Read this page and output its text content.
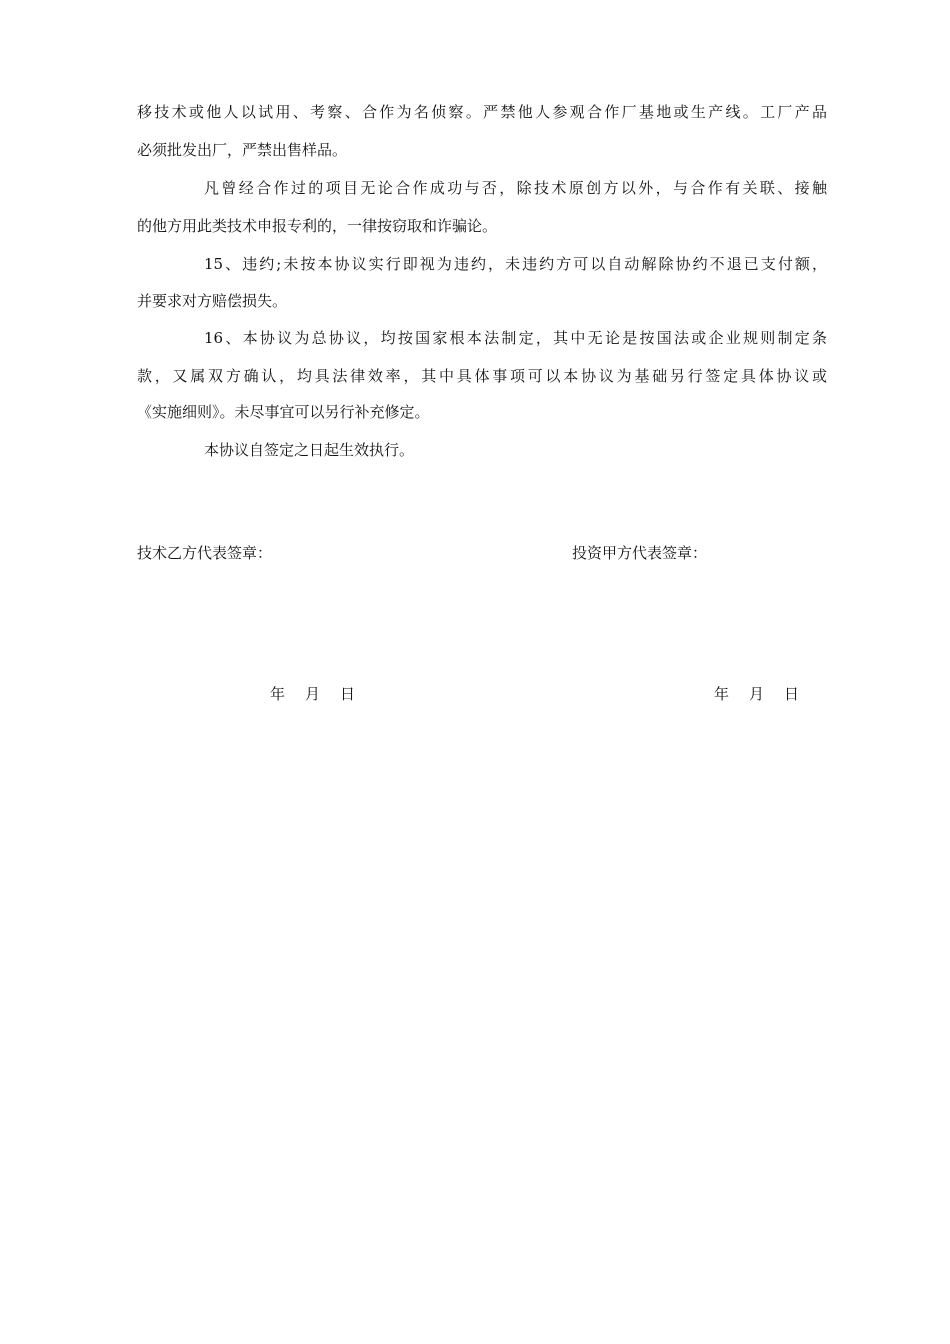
移技术或他人以试用、考察、合作为名侦察。严禁他人参观合作厂基地或生产线。工厂产品
必须批发出厂，严禁出售样品。
凡曾经合作过的项目无论合作成功与否，除技术原创方以外，与合作有关联、接触
的他方用此类技术申报专利的，一律按窃取和诈骗论。
15、违约;未按本协议实行即视为违约，未违约方可以自动解除协约不退已支付额，
并要求对方赔偿损失。
16、本协议为总协议，均按国家根本法制定，其中无论是按国法或企业规则制定条
款，又属双方确认，均具法律效率，其中具体事项可以本协议为基础另行签定具体协议或
《实施细则》。未尽事宜可以另行补充修定。
本协议自签定之日起生效执行。
技术乙方代表签章：	投资甲方代表签章：
年 月 日	年 月 日
